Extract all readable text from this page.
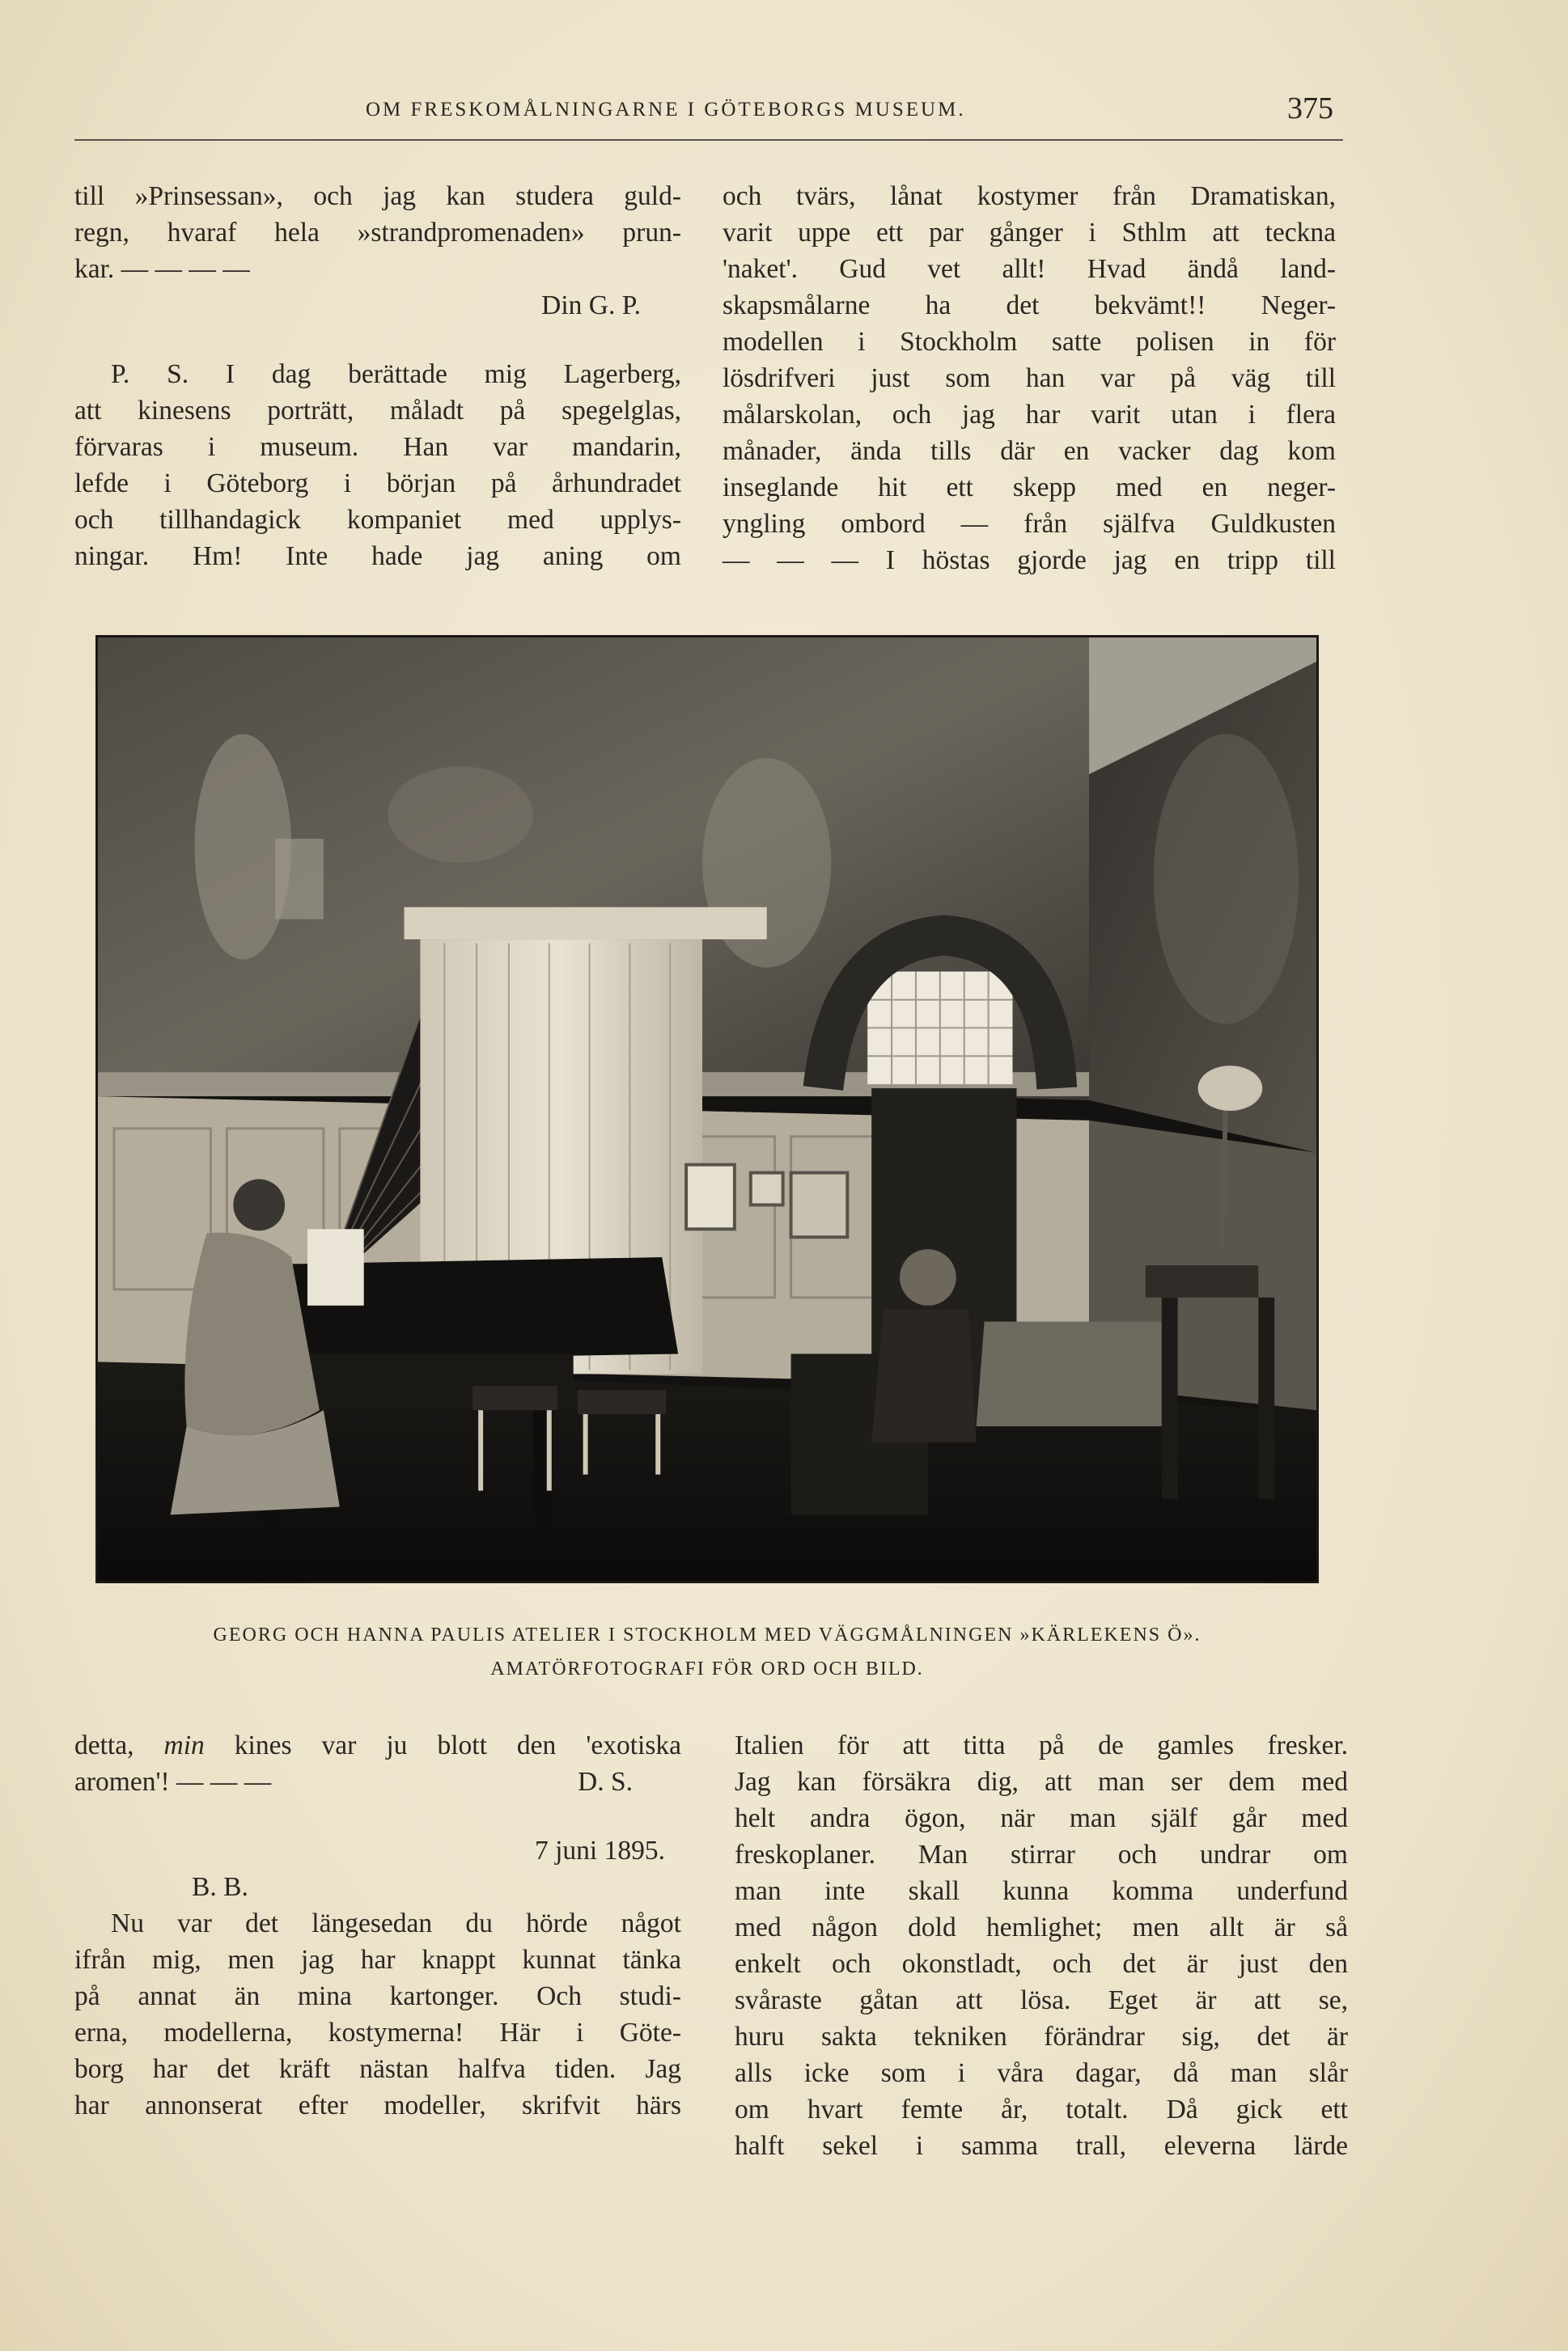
OM FRESKOMÅLNINGARNE I GÖTEBORGS MUSEUM.	375
till »Prinsessan», och jag kan studera guld-
regn, hvaraf hela »strandpromenaden» prun-
kar. — — — —
Din G. P.
P. S. I dag berättade mig Lagerberg,
att kinesens porträtt, måladt på spegelglas,
förvaras i museum. Han var mandarin,
lefde i Göteborg i början på århundradet
och tillhandagick kompaniet med upplys-
ningar. Hm! Inte hade jag aning om
och tvärs, lånat kostymer från Dramatiskan,
varit uppe ett par gånger i Sthlm att teckna
'naket'. Gud vet allt! Hvad ändå land-
skapsmålarne ha det bekvämt!! Neger-
modellen i Stockholm satte polisen in för
lösdrifveri just som han var på väg till
målarskolan, och jag har varit utan i flera
månader, ända tills där en vacker dag kom
inseglande hit ett skepp med en neger-
yngling ombord — från själfva Guldkusten
— — — I höstas gjorde jag en tripp till
GEORG OCH HANNA PAULIS ATELIER I STOCKHOLM MED VÄGGMÅLNINGEN »KÄRLEKENS Ö».
AMATÖRFOTOGRAFI FÖR ORD OCH BILD.
detta, min kines var ju blott den 'exotiska
aromen'! — — —	D. S.
7 juni 1895.
B. B.
Nu var det längesedan du hörde något
ifrån mig, men jag har knappt kunnat tänka
på annat än mina kartonger. Och studi-
erna, modellerna, kostymerna! Här i Göte-
borg har det kräft nästan halfva tiden. Jag
har annonserat efter modeller, skrifvit härs
Italien för att titta på de gamles fresker.
Jag kan försäkra dig, att man ser dem med
helt andra ögon, när man själf går med
freskoplaner. Man stirrar och undrar om
man inte skall kunna komma underfund
med någon dold hemlighet; men allt är så
enkelt och okonstladt, och det är just den
svåraste gåtan att lösa. Eget är att se,
huru sakta tekniken förändrar sig, det är
alls icke som i våra dagar, då man slår
om hvart femte år, totalt. Då gick ett
halft sekel i samma trall, eleverna lärde
